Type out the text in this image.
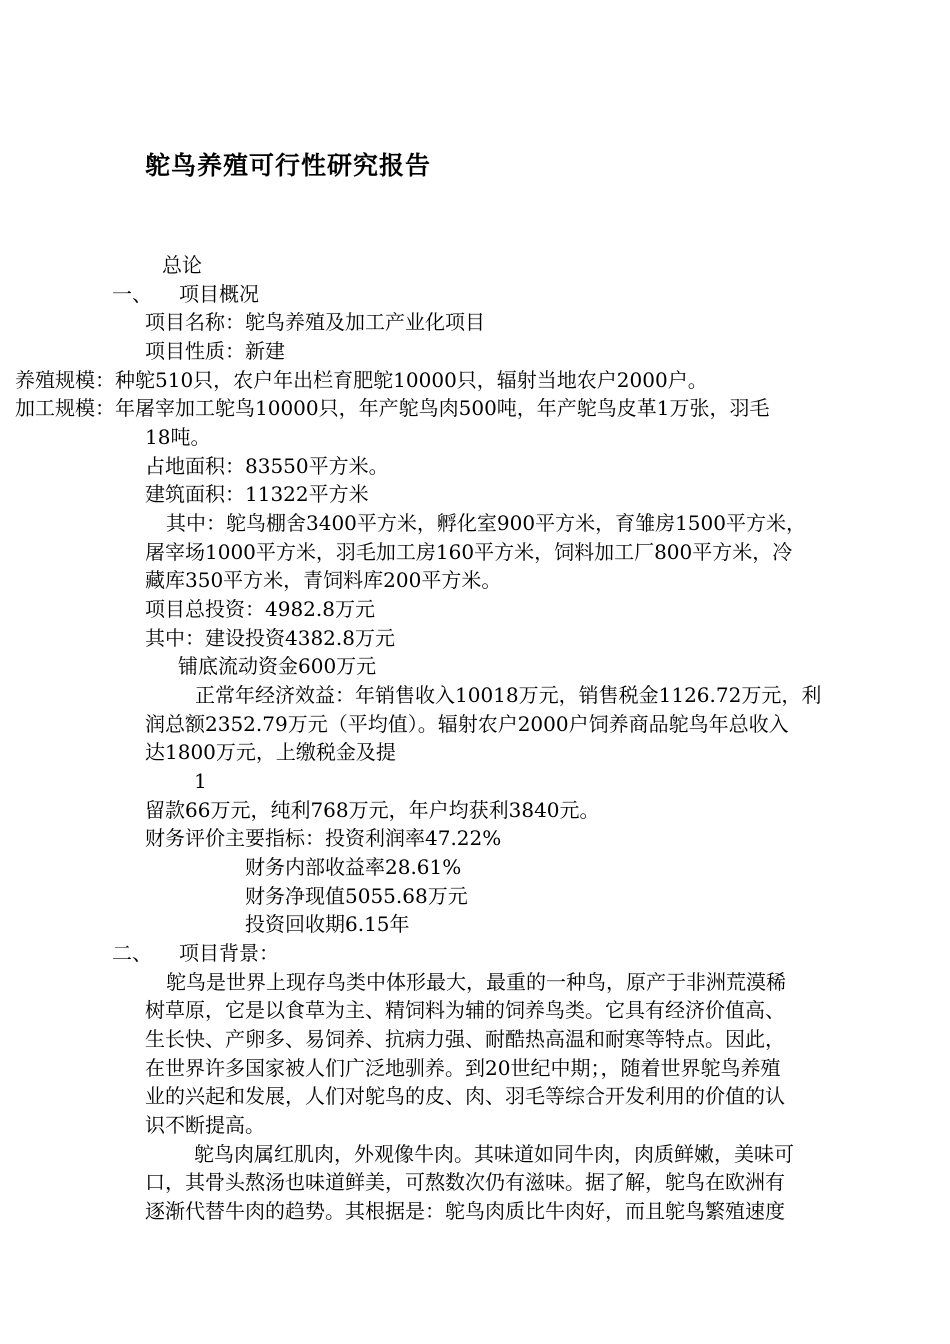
鸵鸟养殖可行性研究报告
总论
一、 项目概况
项目名称：鸵鸟养殖及加工产业化项目
项目性质：新建
养殖规模：种鸵510只，农户年出栏育肥鸵10000只，辐射当地农户2000户。
加工规模：年屠宰加工鸵鸟10000只，年产鸵鸟肉500吨，年产鸵鸟皮革1万张，羽毛
18吨。
占地面积：83550平方米。
建筑面积：11322平方米
其中：鸵鸟棚舍3400平方米，孵化室900平方米，育雏房1500平方米，
屠宰场1000平方米，羽毛加工房160平方米，饲料加工厂800平方米，冷
藏库350平方米，青饲料库200平方米。
项目总投资：4982.8万元
其中：建设投资4382.8万元
铺底流动资金600万元
正常年经济效益：年销售收入10018万元，销售税金1126.72万元，利
润总额2352.79万元（平均值）。辐射农户2000户饲养商品鸵鸟年总收入
达1800万元，上缴税金及提
1
留款66万元，纯利768万元，年户均获利3840元。
财务评价主要指标：投资利润率47.22%
财务内部收益率28.61%
财务净现值5055.68万元
投资回收期6.15年
二、 项目背景：
鸵鸟是世界上现存鸟类中体形最大，最重的一种鸟，原产于非洲荒漠稀
树草原，它是以食草为主、精饲料为辅的饲养鸟类。它具有经济价值高、
生长快、产卵多、易饲养、抗病力强、耐酷热高温和耐寒等特点。因此，
在世界许多国家被人们广泛地驯养。到20世纪中期；，随着世界鸵鸟养殖
业的兴起和发展，人们对鸵鸟的皮、肉、羽毛等综合开发利用的价值的认
识不断提高。
鸵鸟肉属红肌肉，外观像牛肉。其味道如同牛肉，肉质鲜嫩，美味可
口，其骨头熬汤也味道鲜美，可熬数次仍有滋味。据了解，鸵鸟在欧洲有
逐渐代替牛肉的趋势。其根据是：鸵鸟肉质比牛肉好，而且鸵鸟繁殖速度
